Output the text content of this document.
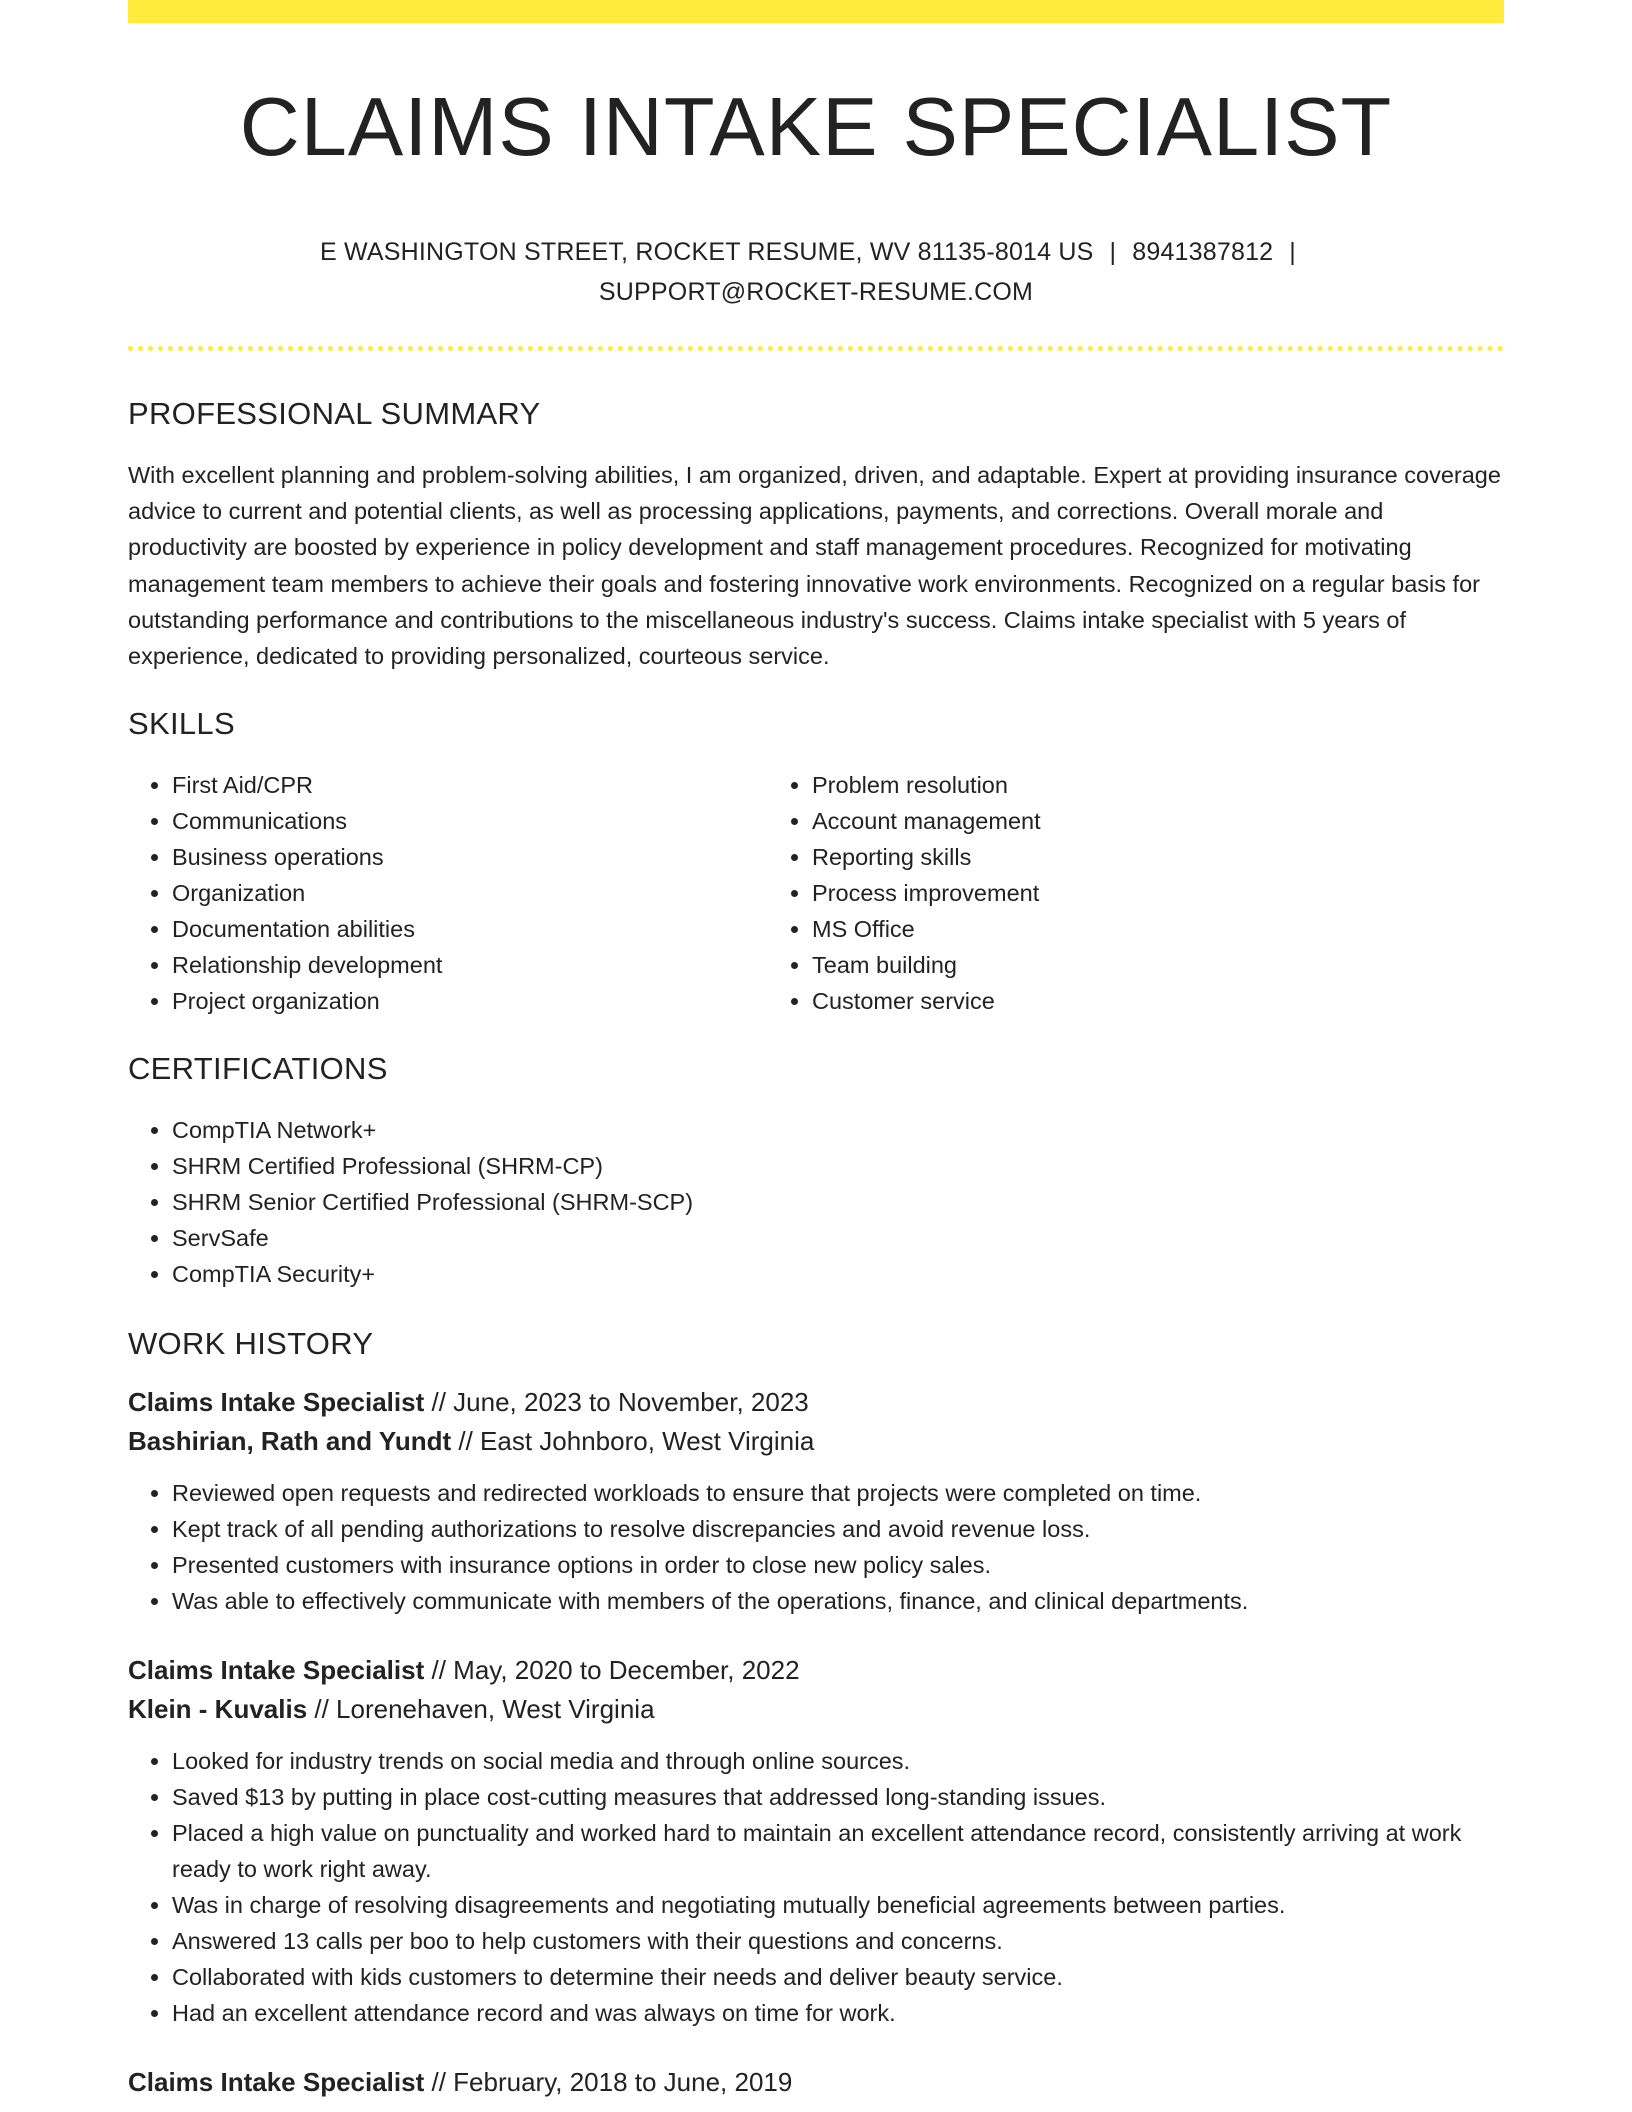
CLAIMS INTAKE SPECIALIST
E WASHINGTON STREET, ROCKET RESUME, WV 81135-8014 US | 8941387812 |
SUPPORT@ROCKET-RESUME.COM
PROFESSIONAL SUMMARY

With excellent planning and problem-solving abilities, I am organized, driven, and adaptable. Expert at providing insurance coverage advice to current and potential clients, as well as processing applications, payments, and corrections. Overall morale and productivity are boosted by experience in policy development and staff management procedures. Recognized for motivating management team members to achieve their goals and fostering innovative work environments. Recognized on a regular basis for outstanding performance and contributions to the miscellaneous industry's success. Claims intake specialist with 5 years of experience, dedicated to providing personalized, courteous service.

SKILLS
• First Aid/CPR
• Communications
• Business operations
• Organization
• Documentation abilities
• Relationship development
• Project organization
• Problem resolution
• Account management
• Reporting skills
• Process improvement
• MS Office
• Team building
• Customer service
CERTIFICATIONS
• CompTIA Network+
• SHRM Certified Professional (SHRM-CP)
• SHRM Senior Certified Professional (SHRM-SCP)
• ServSafe
• CompTIA Security+
WORK HISTORY
Claims Intake Specialist // June, 2023 to November, 2023
Bashirian, Rath and Yundt // East Johnboro, West Virginia
• Reviewed open requests and redirected workloads to ensure that projects were completed on time.
• Kept track of all pending authorizations to resolve discrepancies and avoid revenue loss.
• Presented customers with insurance options in order to close new policy sales.
• Was able to effectively communicate with members of the operations, finance, and clinical departments.
Claims Intake Specialist // May, 2020 to December, 2022
Klein - Kuvalis // Lorenehaven, West Virginia
• Looked for industry trends on social media and through online sources.
• Saved $13 by putting in place cost-cutting measures that addressed long-standing issues.
• Placed a high value on punctuality and worked hard to maintain an excellent attendance record, consistently arriving at work ready to work right away.
• Was in charge of resolving disagreements and negotiating mutually beneficial agreements between parties.
• Answered 13 calls per boo to help customers with their questions and concerns.
• Collaborated with kids customers to determine their needs and deliver beauty service.
• Had an excellent attendance record and was always on time for work.
Claims Intake Specialist // February, 2018 to June, 2019
